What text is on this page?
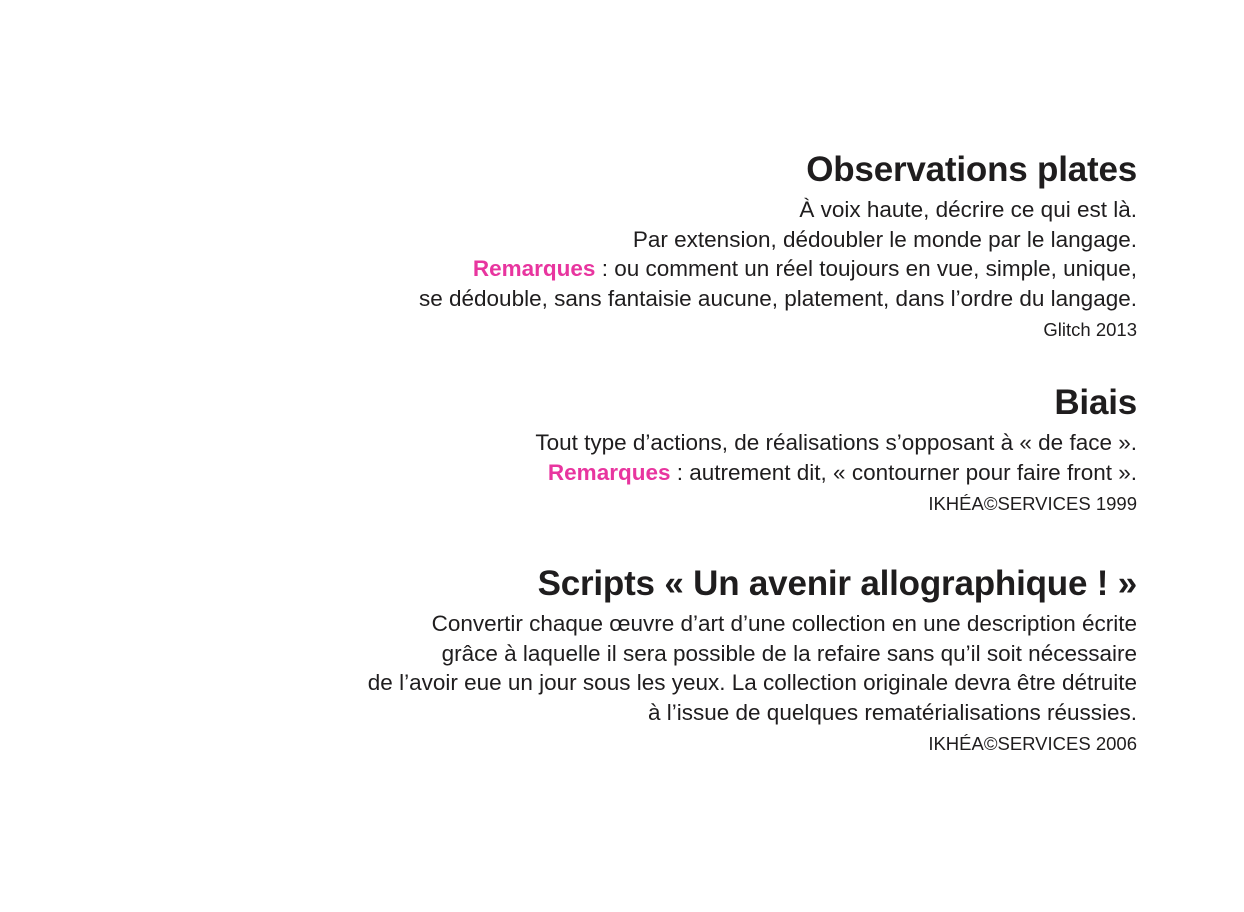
Observations plates

À voix haute, décrire ce qui est là.

Par extension, dédoubler le monde par le langage.

Remarques : ou comment un réel toujours en vue, simple, unique,

se dédouble, sans fantaisie aucune, platement, dans l’ordre du langage.

Glitch 2013
Biais

Tout type d’actions, de réalisations s’opposant à « de face ».

Remarques : autrement dit, « contourner pour faire front ».

IKHÉA©SERVICES 1999
Scripts « Un avenir allographique ! »

Convertir chaque œuvre d’art d’une collection en une description écrite

grâce à laquelle il sera possible de la refaire sans qu’il soit nécessaire

de l’avoir eue un jour sous les yeux. La collection originale devra être détruite

à l’issue de quelques rematérialisations réussies.

IKHÉA©SERVICES 2006
